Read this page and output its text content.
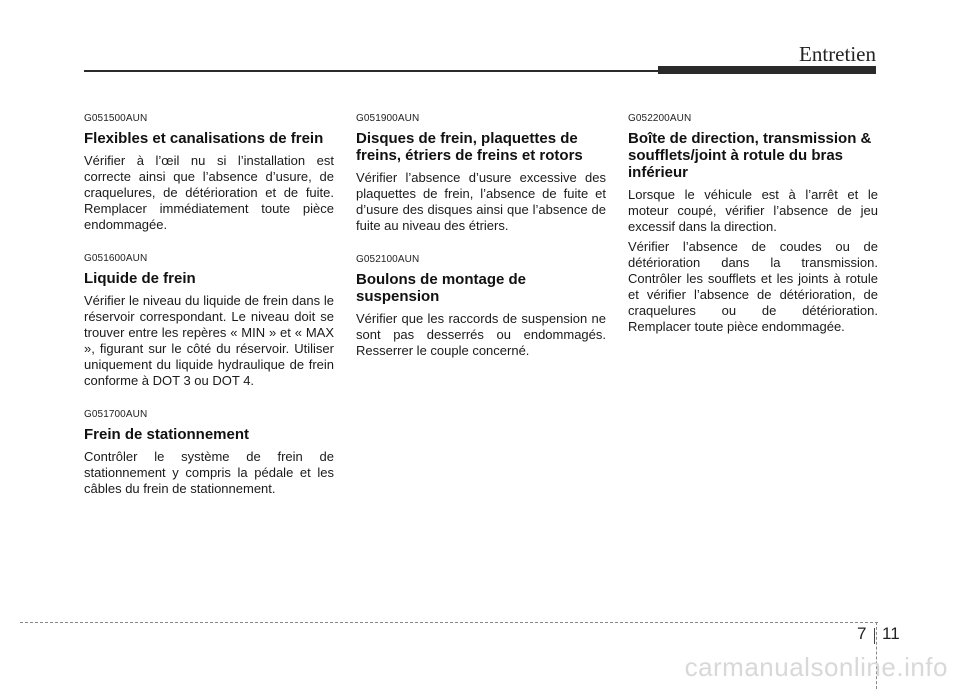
Entretien

G051500AUN

Flexibles et canalisations de frein

Vérifier à l’œil nu si l’installation est correcte ainsi que l’absence d’usure, de craquelures, de détérioration et de fuite. Remplacer immédiatement toute pièce endommagée.

G051600AUN

Liquide de frein

Vérifier le niveau du liquide de frein dans le réservoir correspondant. Le niveau doit se trouver entre les repères « MIN » et « MAX », figurant sur le côté du réservoir. Utiliser uniquement du liquide hydraulique de frein conforme à DOT 3 ou DOT 4.

G051700AUN

Frein de stationnement

Contrôler le système de frein de stationnement y compris la pédale et les câbles du frein de stationnement.

G051900AUN

Disques de frein, plaquettes de freins, étriers de freins et rotors

Vérifier l’absence d’usure excessive des plaquettes de frein, l’absence de fuite et d’usure des disques ainsi que l’absence de fuite au niveau des étriers.

G052100AUN

Boulons de montage de suspension

Vérifier que les raccords de suspension ne sont pas desserrés ou endommagés. Resserrer le couple concerné.

G052200AUN

Boîte de direction, transmission & soufflets/joint à rotule du bras inférieur

Lorsque le véhicule est à l’arrêt et le moteur coupé, vérifier l’absence de jeu excessif dans la direction.

Vérifier l’absence de coudes ou de détérioration dans la transmission. Contrôler les soufflets et les joints à rotule et vérifier l’absence de détérioration, de craquelures ou de détérioration. Remplacer toute pièce endommagée.

7 11
carmanualsonline.info
